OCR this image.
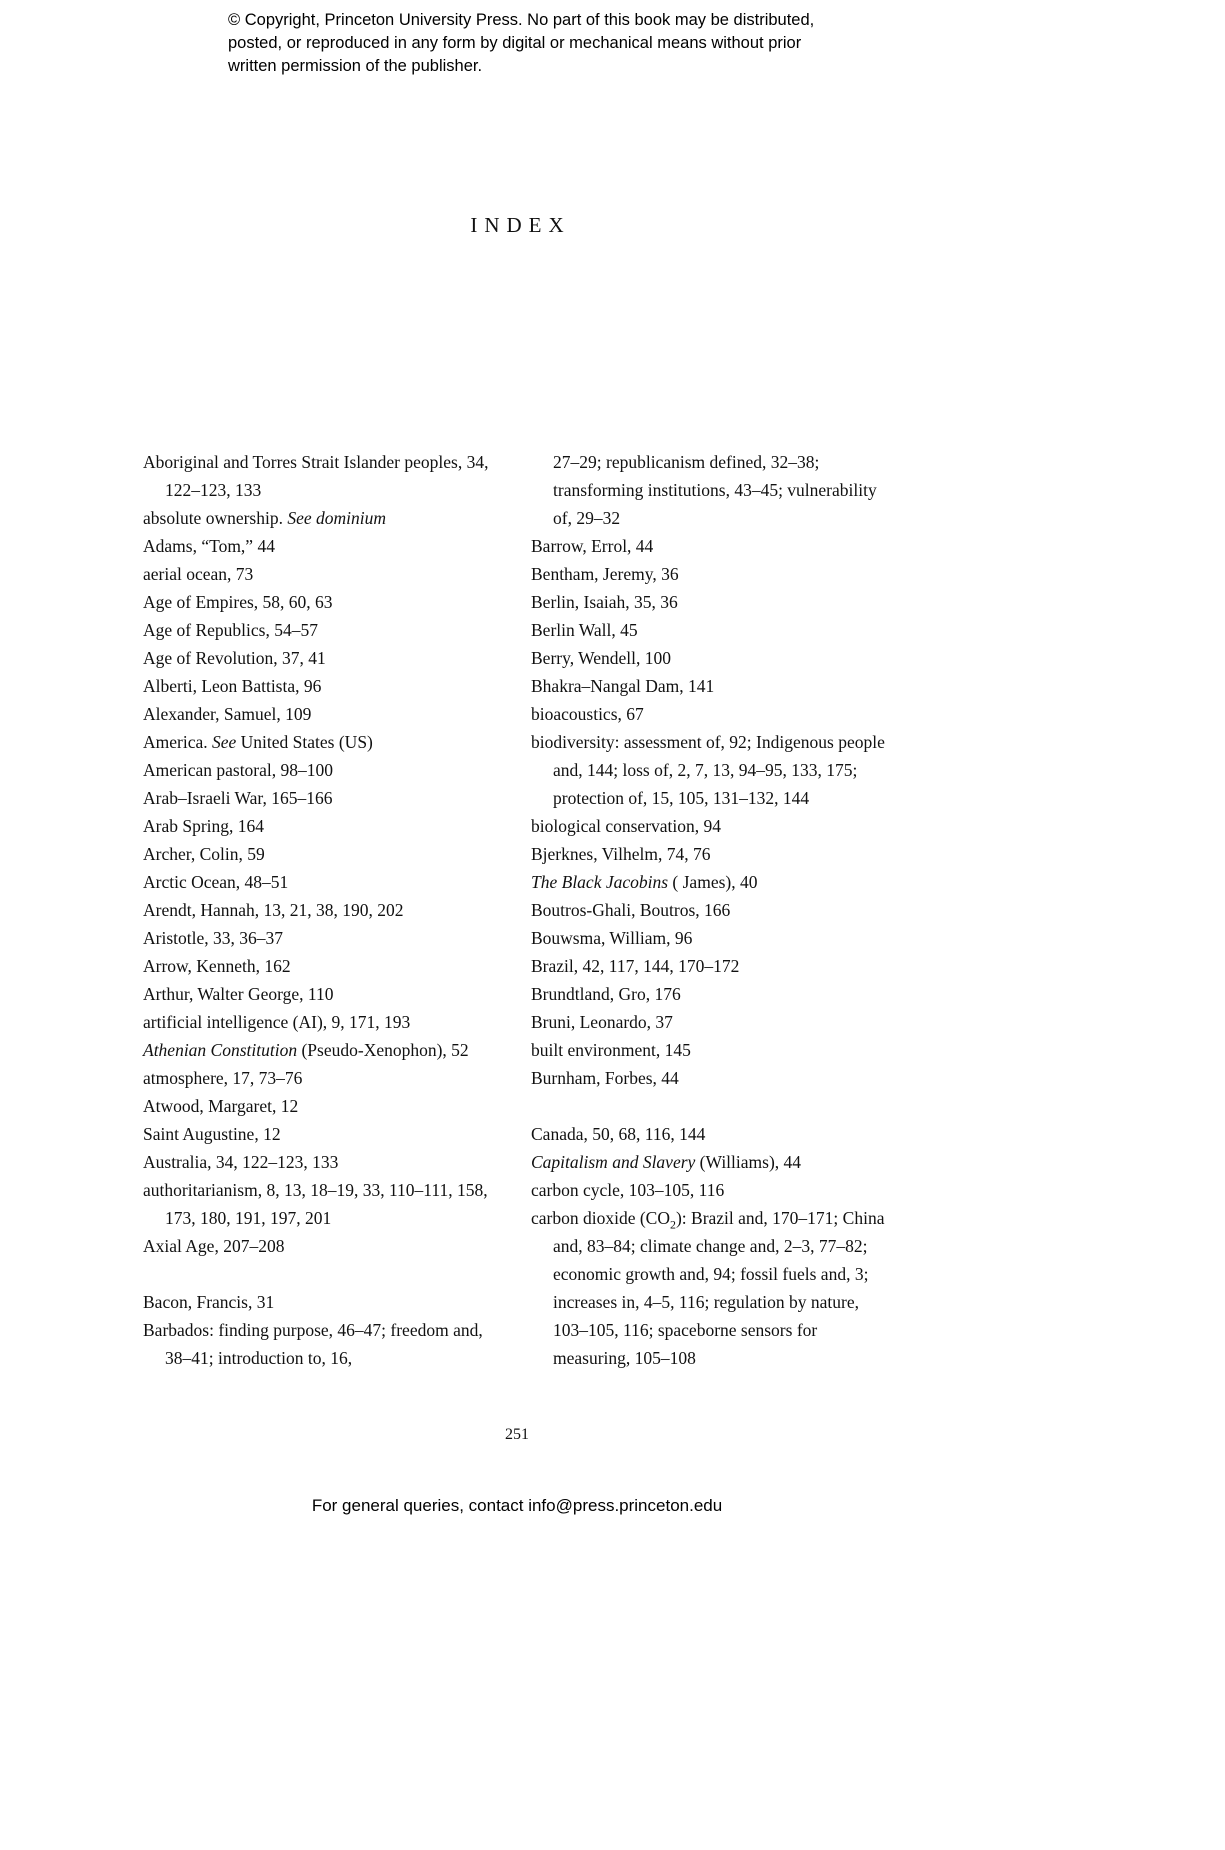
© Copyright, Princeton University Press. No part of this book may be distributed, posted, or reproduced in any form by digital or mechanical means without prior written permission of the publisher.
INDEX
Aboriginal and Torres Strait Islander peoples, 34, 122–123, 133
absolute ownership. See dominium
Adams, “Tom,” 44
aerial ocean, 73
Age of Empires, 58, 60, 63
Age of Republics, 54–57
Age of Revolution, 37, 41
Alberti, Leon Battista, 96
Alexander, Samuel, 109
America. See United States (US)
American pastoral, 98–100
Arab–Israeli War, 165–166
Arab Spring, 164
Archer, Colin, 59
Arctic Ocean, 48–51
Arendt, Hannah, 13, 21, 38, 190, 202
Aristotle, 33, 36–37
Arrow, Kenneth, 162
Arthur, Walter George, 110
artificial intelligence (AI), 9, 171, 193
Athenian Constitution (Pseudo-Xenophon), 52
atmosphere, 17, 73–76
Atwood, Margaret, 12
Saint Augustine, 12
Australia, 34, 122–123, 133
authoritarianism, 8, 13, 18–19, 33, 110–111, 158, 173, 180, 191, 197, 201
Axial Age, 207–208
Bacon, Francis, 31
Barbados: finding purpose, 46–47; freedom and, 38–41; introduction to, 16,
27–29; republicanism defined, 32–38; transforming institutions, 43–45; vulnerability of, 29–32
Barrow, Errol, 44
Bentham, Jeremy, 36
Berlin, Isaiah, 35, 36
Berlin Wall, 45
Berry, Wendell, 100
Bhakra–Nangal Dam, 141
bioacoustics, 67
biodiversity: assessment of, 92; Indigenous people and, 144; loss of, 2, 7, 13, 94–95, 133, 175; protection of, 15, 105, 131–132, 144
biological conservation, 94
Bjerknes, Vilhelm, 74, 76
The Black Jacobins ( James), 40
Boutros-Ghali, Boutros, 166
Bouwsma, William, 96
Brazil, 42, 117, 144, 170–172
Brundtland, Gro, 176
Bruni, Leonardo, 37
built environment, 145
Burnham, Forbes, 44
Canada, 50, 68, 116, 144
Capitalism and Slavery (Williams), 44
carbon cycle, 103–105, 116
carbon dioxide $(CO_2)$: Brazil and, 170–171; China and, 83–84; climate change and, 2–3, 77–82; economic growth and, 94; fossil fuels and, 3; increases in, 4–5, 116; regulation by nature, 103–105, 116; spaceborne sensors for measuring, 105–108
251
For general queries, contact info@press.princeton.edu
